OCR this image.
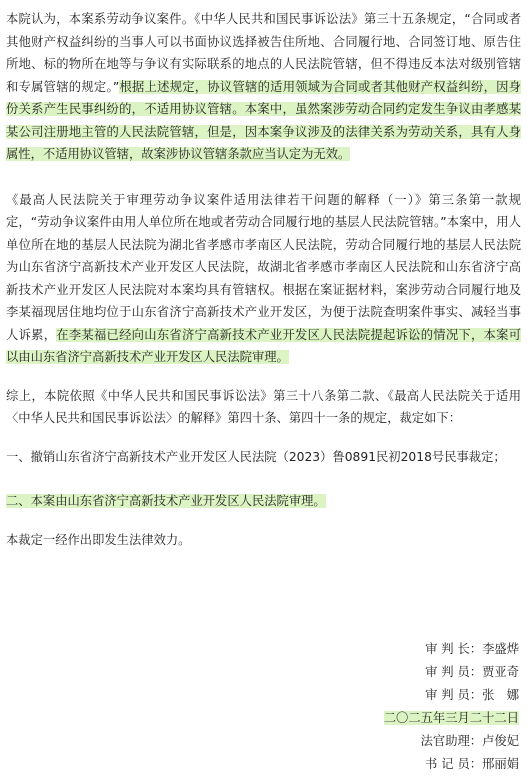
本院认为，本案系劳动争议案件。《中华人民共和国民事诉讼法》第三十五条规定，“合同或者其他财产权益纠纷的当事人可以书面协议选择被告住所地、合同履行地、合同签订地、原告住所地、标的物所在地等与争议有实际联系的地点的人民法院管辖，但不得违反本法对级别管辖和专属管辖的规定。”根据上述规定，协议管辖的适用领域为合同或者其他财产权益纠纷，因身份关系产生民事纠纷的，不适用协议管辖。本案中，虽然案涉劳动合同约定发生争议由孝感某某公司注册地主管的人民法院管辖，但是，因本案争议涉及的法律关系为劳动关系，具有人身属性，不适用协议管辖，故案涉协议管辖条款应当认定为无效。

《最高人民法院关于审理劳动争议案件适用法律若干问题的解释（一）》第三条第一款规定，“劳动争议案件由用人单位所在地或者劳动合同履行地的基层人民法院管辖。”本案中，用人单位所在地的基层人民法院为湖北省孝感市孝南区人民法院，劳动合同履行地的基层人民法院为山东省济宁高新技术产业开发区人民法院，故湖北省孝感市孝南区人民法院和山东省济宁高新技术产业开发区人民法院对本案均具有管辖权。根据在案证据材料，案涉劳动合同履行地及李某福现居住地均位于山东省济宁高新技术产业开发区，为便于法院查明案件事实、减轻当事人诉累，在李某福已经向山东省济宁高新技术产业开发区人民法院提起诉讼的情况下，本案可以由山东省济宁高新技术产业开发区人民法院审理。

综上，本院依照《中华人民共和国民事诉讼法》第三十八条第二款、《最高人民法院关于适用〈中华人民共和国民事诉讼法〉的解释》第四十条、第四十一条的规定，裁定如下：

一、撤销山东省济宁高新技术产业开发区人民法院（2023）鲁0891民初2018号民事裁定；

二、本案由山东省济宁高新技术产业开发区人民法院审理。

本裁定一经作出即发生法律效力。

审 判 长：李盛烨
审 判 员：贾亚奇
审 判 员：张　娜
二〇二五年三月二十二日
法官助理：卢俊妃
书 记 员：邢丽娟
